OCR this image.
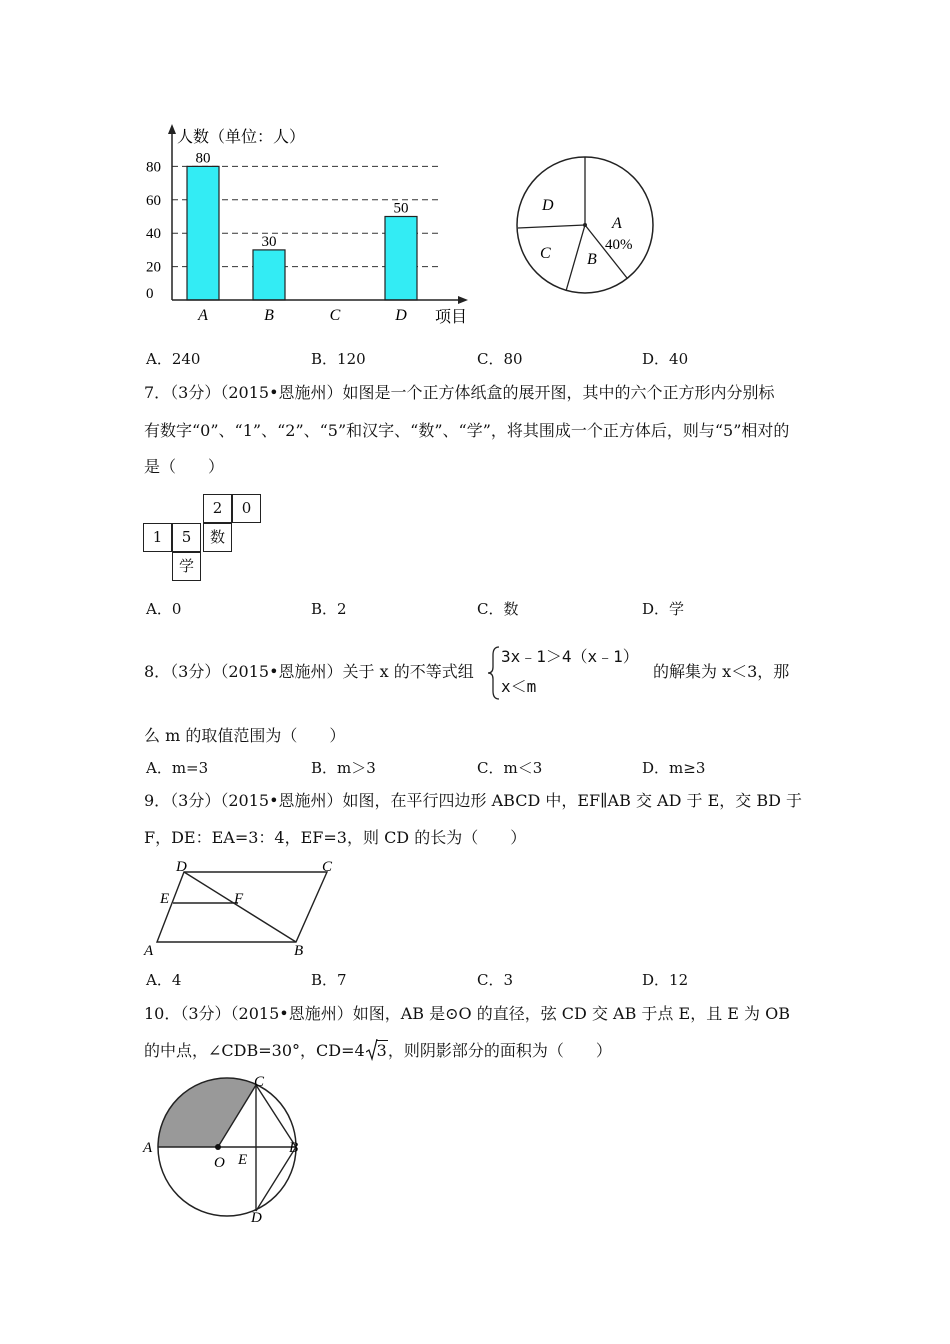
0
20
40
60
80
80
A
30
B	C
50
D
人数（单位：人）
项目
D
A
40%
C B
A．240	B．120	C．80	D．40
7．（3分）（2015•恩施州）如图是一个正方体纸盒的展开图，其中的六个正方形内分别标
有数字“0”、“1”、“2”、“5”和汉字、“数”、“学”，将其围成一个正方体后，则与“5”相对的
是（　　）
2	0
1	5	数
学
A．0	B．2	C．数	D．学
8．（3分）（2015•恩施州）关于 x 的不等式组
3x﹣1＞4（x﹣1）
x＜m
的解集为 x＜3，那
么 m 的取值范围为（　　）
A．m=3	B．m＞3	C．m＜3	D．m≥3
9．（3分）（2015•恩施州）如图，在平行四边形 ABCD 中，EF∥AB 交 AD 于 E，交 BD 于
F，DE：EA=3：4，EF=3，则 CD 的长为（　　）
D	C
E	F
A	B
A．4	B．7	C．3	D．12
10．（3分）（2015•恩施州）如图，AB 是⊙O 的直径，弦 CD 交 AB 于点 E，且 E 为 OB
的中点，∠CDB=30°，CD=4 3，则阴影部分的面积为（　　）
C
A	B
O E
D
